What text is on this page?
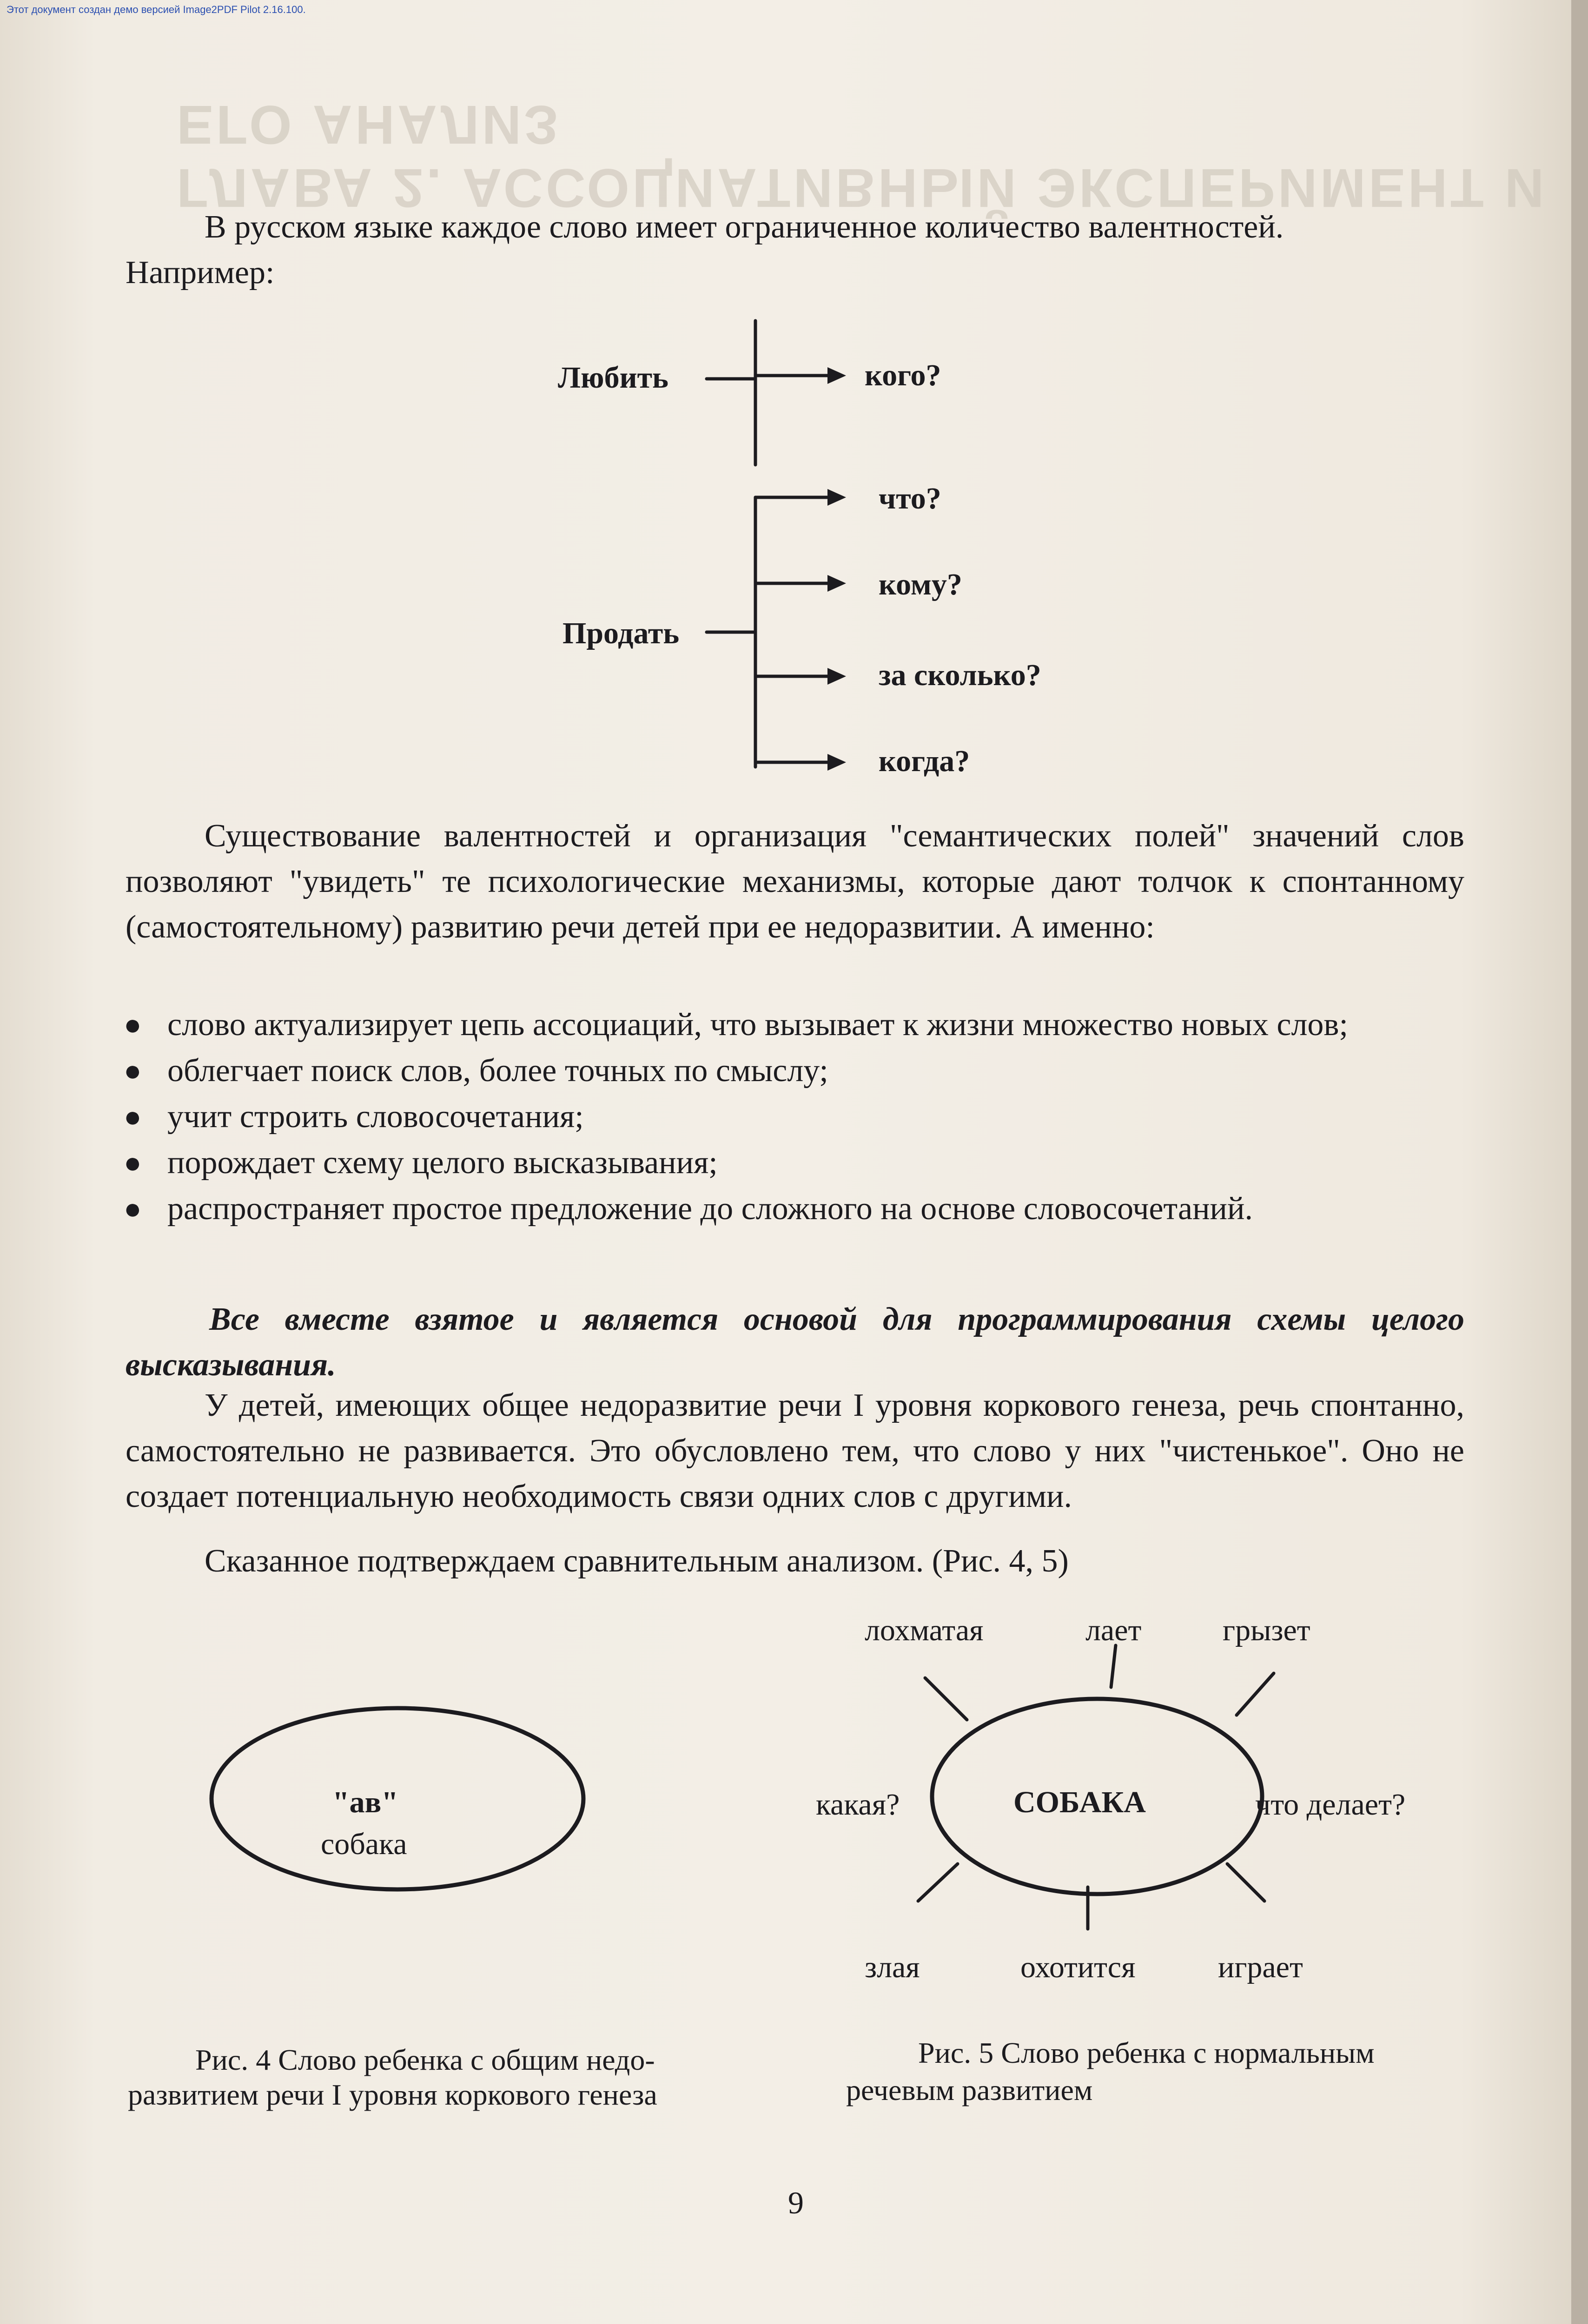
Этот документ создан демо версией Image2PDF Pilot 2.16.100.
ГЛАВА 2. АССОЦИАТИВНЫЙ ЭКСПЕРИМЕНТ И ЕГО АНАЛИЗ

В русском языке каждое слово имеет ограниченное количество валентностей.

Например:

Любить
Продать
кого?
что?
кому?
за сколько?
когда?

Существование валентностей и организация "семантических полей" значений слов позволяют "увидеть" те психологические механизмы, которые дают толчок к спонтанному (самостоятельному) развитию речи детей при ее недоразвитии. А именно:

● слово актуализирует цепь ассоциаций, что вызывает к жизни множество новых слов;
● облегчает поиск слов, более точных по смыслу;
● учит строить словосочетания;
● порождает схему целого высказывания;
● распространяет простое предложение до сложного на основе словосочетаний.

Все вместе взятое и является основой для программирования схемы целого высказывания.

У детей, имеющих общее недоразвитие речи I уровня коркового генеза, речь спонтанно, самостоятельно не развивается. Это обусловлено тем, что слово у них "чистенькое". Оно не создает потенциальную необходимость связи одних слов с другими.

Сказанное подтверждаем сравнительным анализом. (Рис. 4, 5)

"ав"
собака
лохматая	лает	грызет
какая?	СОБАКА	что делает?
злая	охотится	играет
Рис. 4 Слово ребенка с общим недо-
развитием речи I уровня коркового генеза
Рис. 5 Слово ребенка с нормальным
речевым развитием
9
